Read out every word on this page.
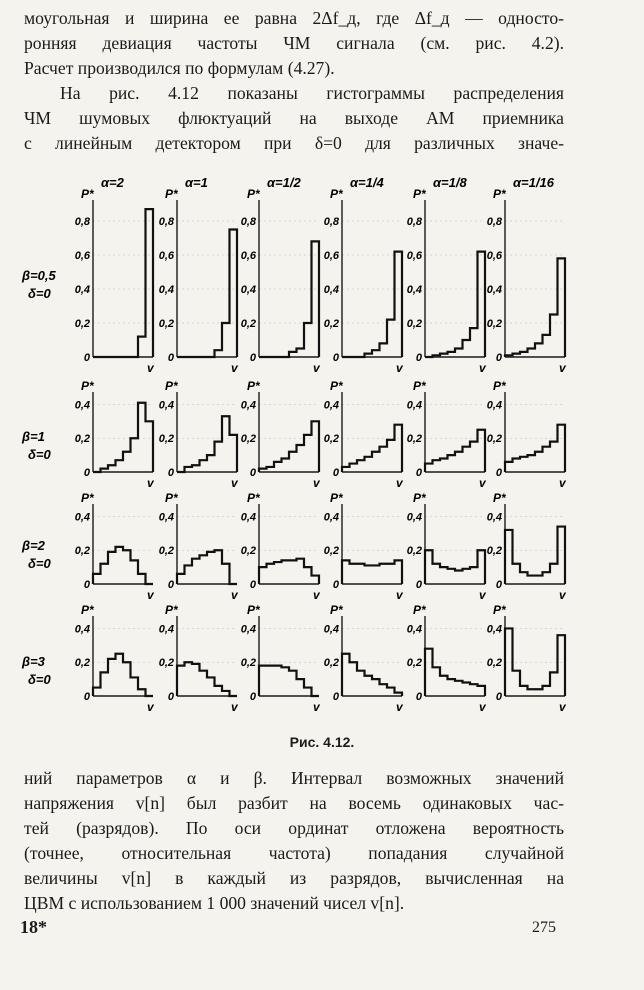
моугольная и ширина ее равна 2Δf_д, где Δf_д — односто-
ронняя девиация частоты ЧМ сигнала (см. рис. 4.2).
Расчет производился по формулам (4.27).
На рис. 4.12 показаны гистограммы распределения
ЧМ шумовых флюктуаций на выходе АМ приемника
с линейным детектором при δ=0 для различных значе-
α=2	α=1	α=1/2	α=1/4	α=1/8	α=1/16
β=0,5
δ=0
P*
0,8
0,6
0,4
0,2
0
v
P*
0,8
0,6
0,4
0,2
0
v
P*
0,8
0,6
0,4
0,2
0
v
P*
0,8
0,6
0,4
0,2
0
v
P*
0,8
0,6
0,4
0,2
0
v
P*
0,8
0,6
0,4
0,2
0
v
β=1
δ=0
P*
0,4
0,2
0
v
P*
0,4
0,2
0
v
P*
0,4
0,2
0
v
P*
0,4
0,2
0
v
P*
0,4
0,2
0
v
P*
0,4
0,2
0
v
β=2
δ=0
P*
0,4
0,2
0
v
P*
0,4
0,2
0
v
P*
0,4
0,2
0
v
P*
0,4
0,2
0
v
P*
0,4
0,2
0
v
P*
0,4
0,2
0
v
β=3
δ=0
P*
0,4
0,2
0
v
P*
0,4
0,2
0
v
P*
0,4
0,2
0
v
P*
0,4
0,2
0
v
P*
0,4
0,2
0
v
P*
0,4
0,2
0
v
Рис. 4.12.
ний параметров α и β. Интервал возможных значений
напряжения v[n] был разбит на восемь одинаковых час-
тей (разрядов). По оси ординат отложена вероятность
(точнее, относительная частота) попадания случайной
величины v[n] в каждый из разрядов, вычисленная на
ЦВМ с использованием 1 000 значений чисел v[n].
18*	275
